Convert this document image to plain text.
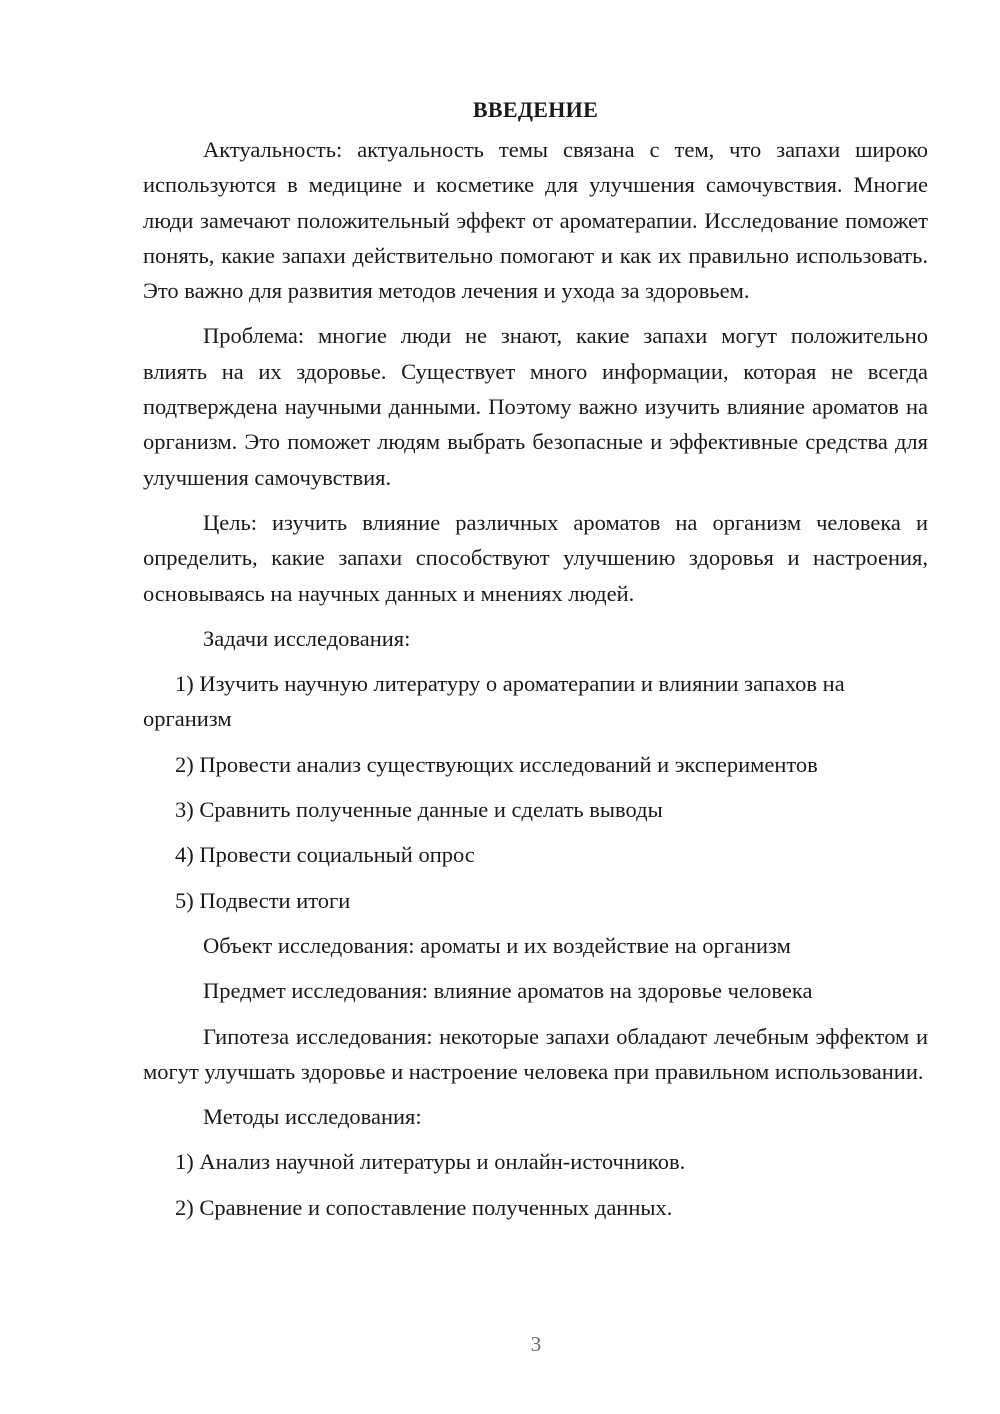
ВВЕДЕНИЕ

Актуальность: актуальность темы связана с тем, что запахи широко используются в медицине и косметике для улучшения самочувствия. Многие люди замечают положительный эффект от ароматерапии. Исследование поможет понять, какие запахи действительно помогают и как их правильно использовать. Это важно для развития методов лечения и ухода за здоровьем.

Проблема: многие люди не знают, какие запахи могут положительно влиять на их здоровье. Существует много информации, которая не всегда подтверждена научными данными. Поэтому важно изучить влияние ароматов на организм. Это поможет людям выбрать безопасные и эффективные средства для улучшения самочувствия.

Цель: изучить влияние различных ароматов на организм человека и определить, какие запахи способствуют улучшению здоровья и настроения, основываясь на научных данных и мнениях людей.

Задачи исследования:

1) Изучить научную литературу о ароматерапии и влиянии запахов на организм

2) Провести анализ существующих исследований и экспериментов

3) Сравнить полученные данные и сделать выводы

4) Провести социальный опрос

5) Подвести итоги

Объект исследования: ароматы и их воздействие на организм

Предмет исследования: влияние ароматов на здоровье человека

Гипотеза исследования: некоторые запахи обладают лечебным эффектом и могут улучшать здоровье и настроение человека при правильном использовании.

Методы исследования:

1) Анализ научной литературы и онлайн-источников.

2) Сравнение и сопоставление полученных данных.

3
